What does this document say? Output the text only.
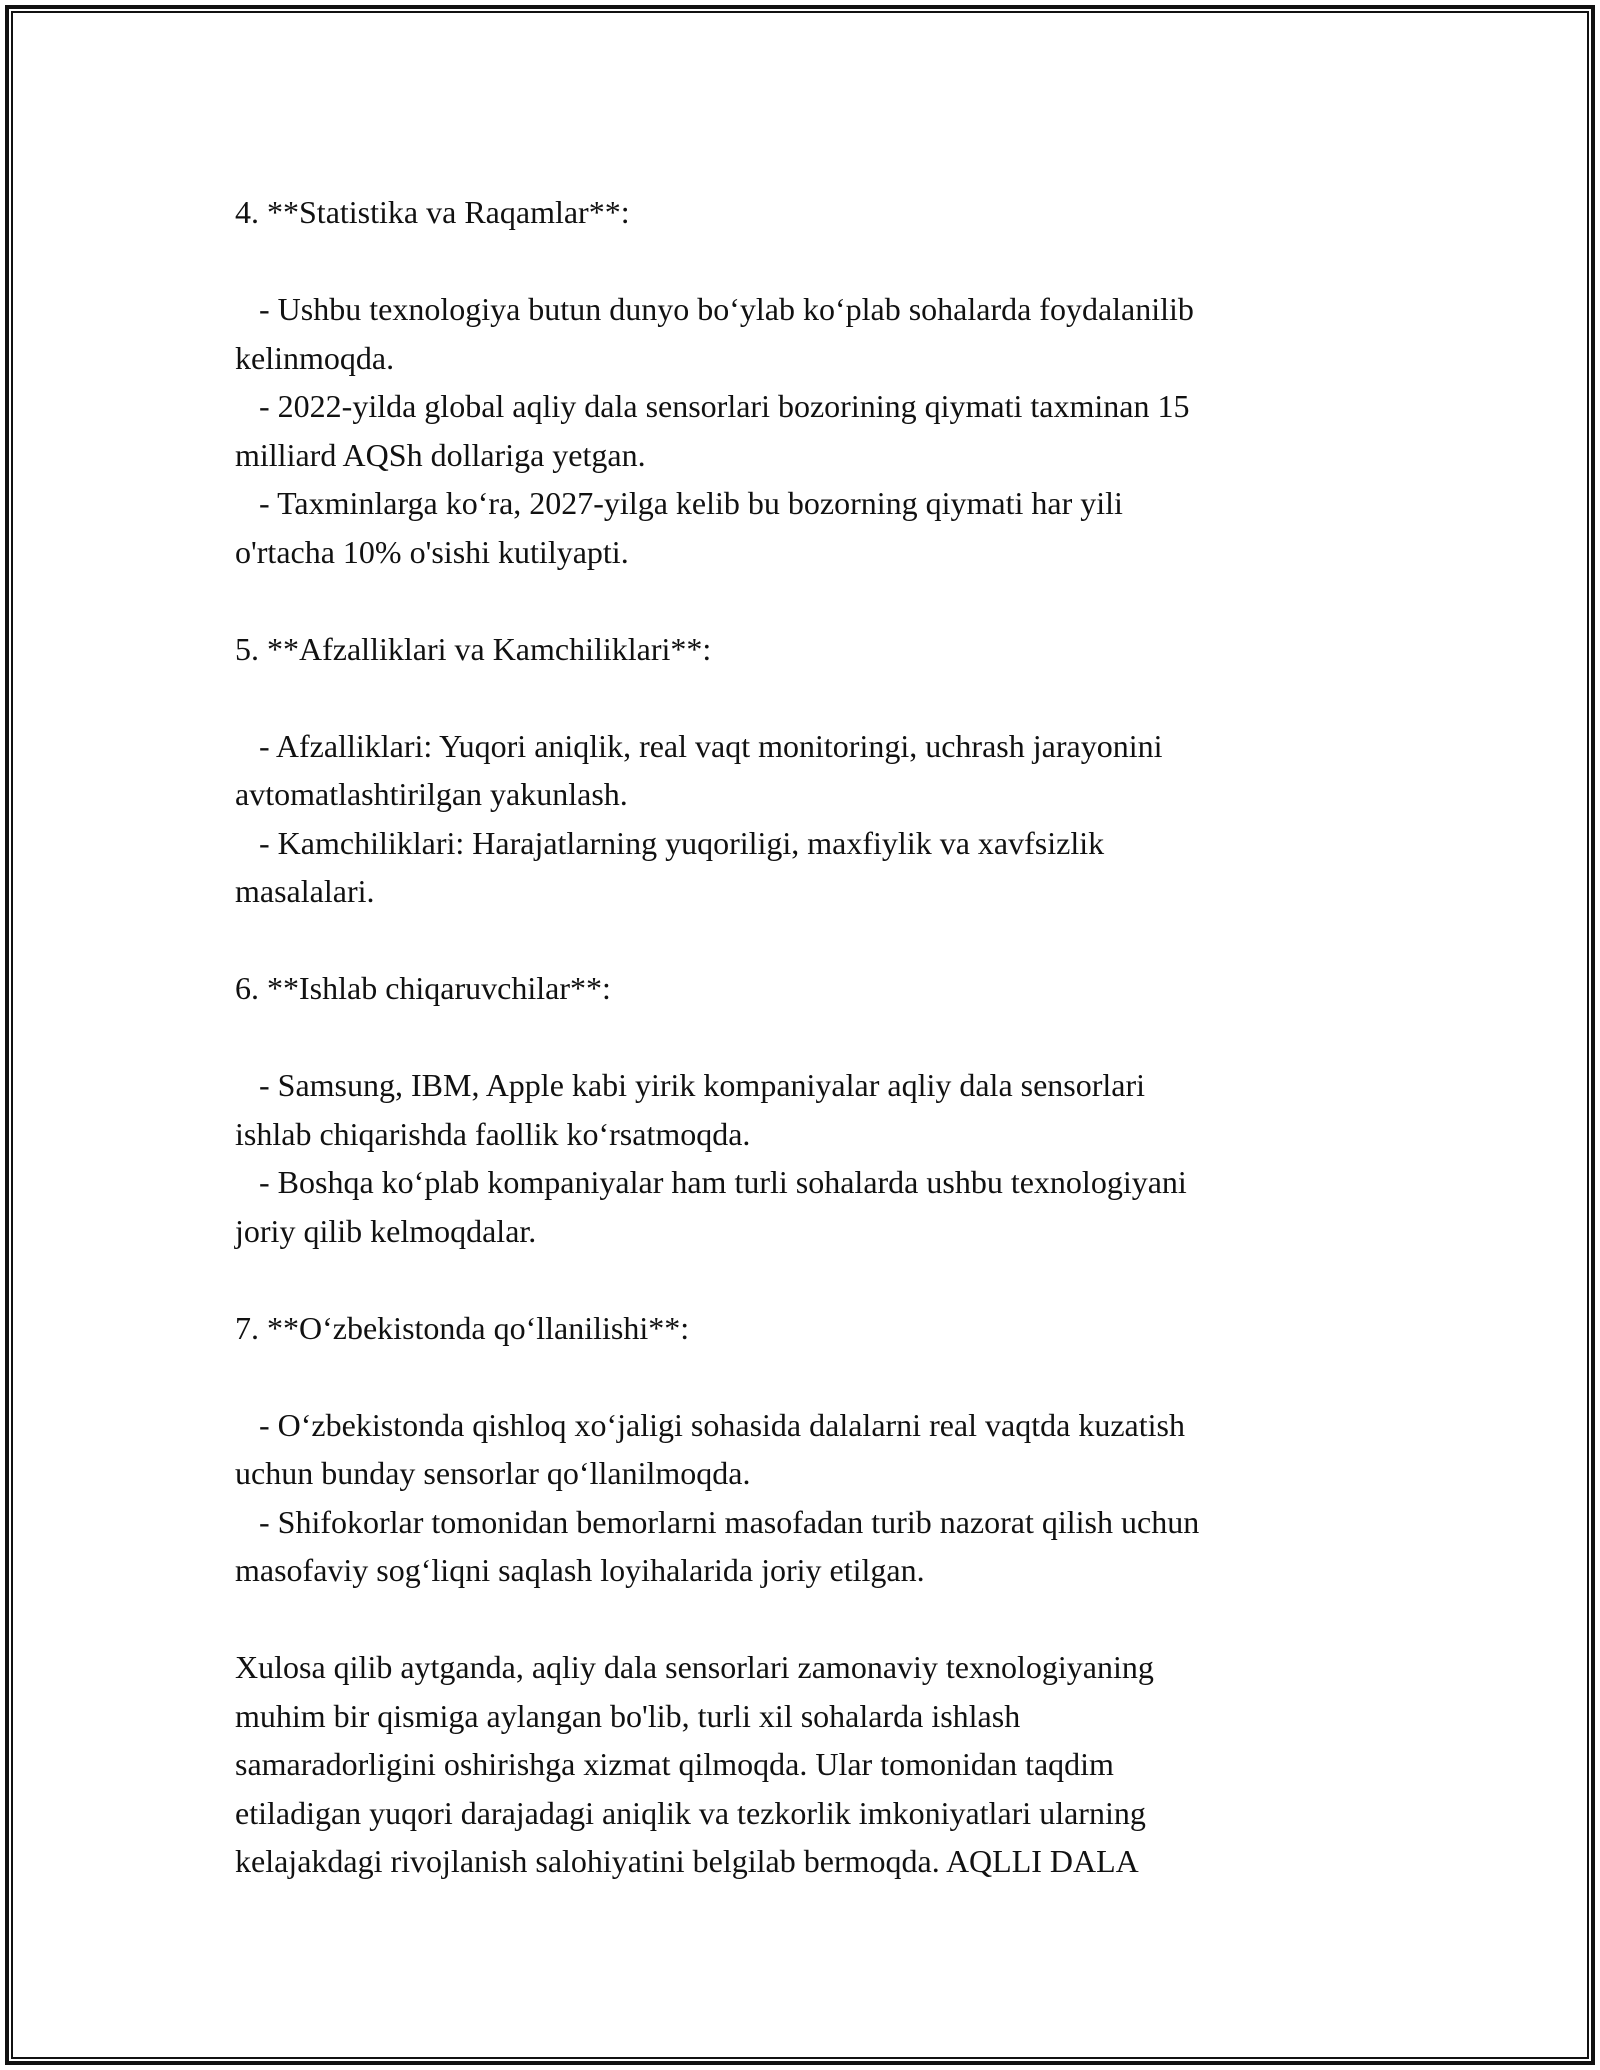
4. **Statistika va Raqamlar**:
- Ushbu texnologiya butun dunyo bo‘ylab ko‘plab sohalarda foydalanilib
kelinmoqda.
- 2022-yilda global aqliy dala sensorlari bozorining qiymati taxminan 15
milliard AQSh dollariga yetgan.
- Taxminlarga ko‘ra, 2027-yilga kelib bu bozorning qiymati har yili
o'rtacha 10% o'sishi kutilyapti.
5. **Afzalliklari va Kamchiliklari**:
- Afzalliklari: Yuqori aniqlik, real vaqt monitoringi, uchrash jarayonini
avtomatlashtirilgan yakunlash.
- Kamchiliklari: Harajatlarning yuqoriligi, maxfiylik va xavfsizlik
masalalari.
6. **Ishlab chiqaruvchilar**:
- Samsung, IBM, Apple kabi yirik kompaniyalar aqliy dala sensorlari
ishlab chiqarishda faollik ko‘rsatmoqda.
- Boshqa ko‘plab kompaniyalar ham turli sohalarda ushbu texnologiyani
joriy qilib kelmoqdalar.
7. **O‘zbekistonda qo‘llanilishi**:
- O‘zbekistonda qishloq xo‘jaligi sohasida dalalarni real vaqtda kuzatish
uchun bunday sensorlar qo‘llanilmoqda.
- Shifokorlar tomonidan bemorlarni masofadan turib nazorat qilish uchun
masofaviy sog‘liqni saqlash loyihalarida joriy etilgan.
Xulosa qilib aytganda, aqliy dala sensorlari zamonaviy texnologiyaning
muhim bir qismiga aylangan bo'lib, turli xil sohalarda ishlash
samaradorligini oshirishga xizmat qilmoqda. Ular tomonidan taqdim
etiladigan yuqori darajadagi aniqlik va tezkorlik imkoniyatlari ularning
kelajakdagi rivojlanish salohiyatini belgilab bermoqda. AQLLI DALA
